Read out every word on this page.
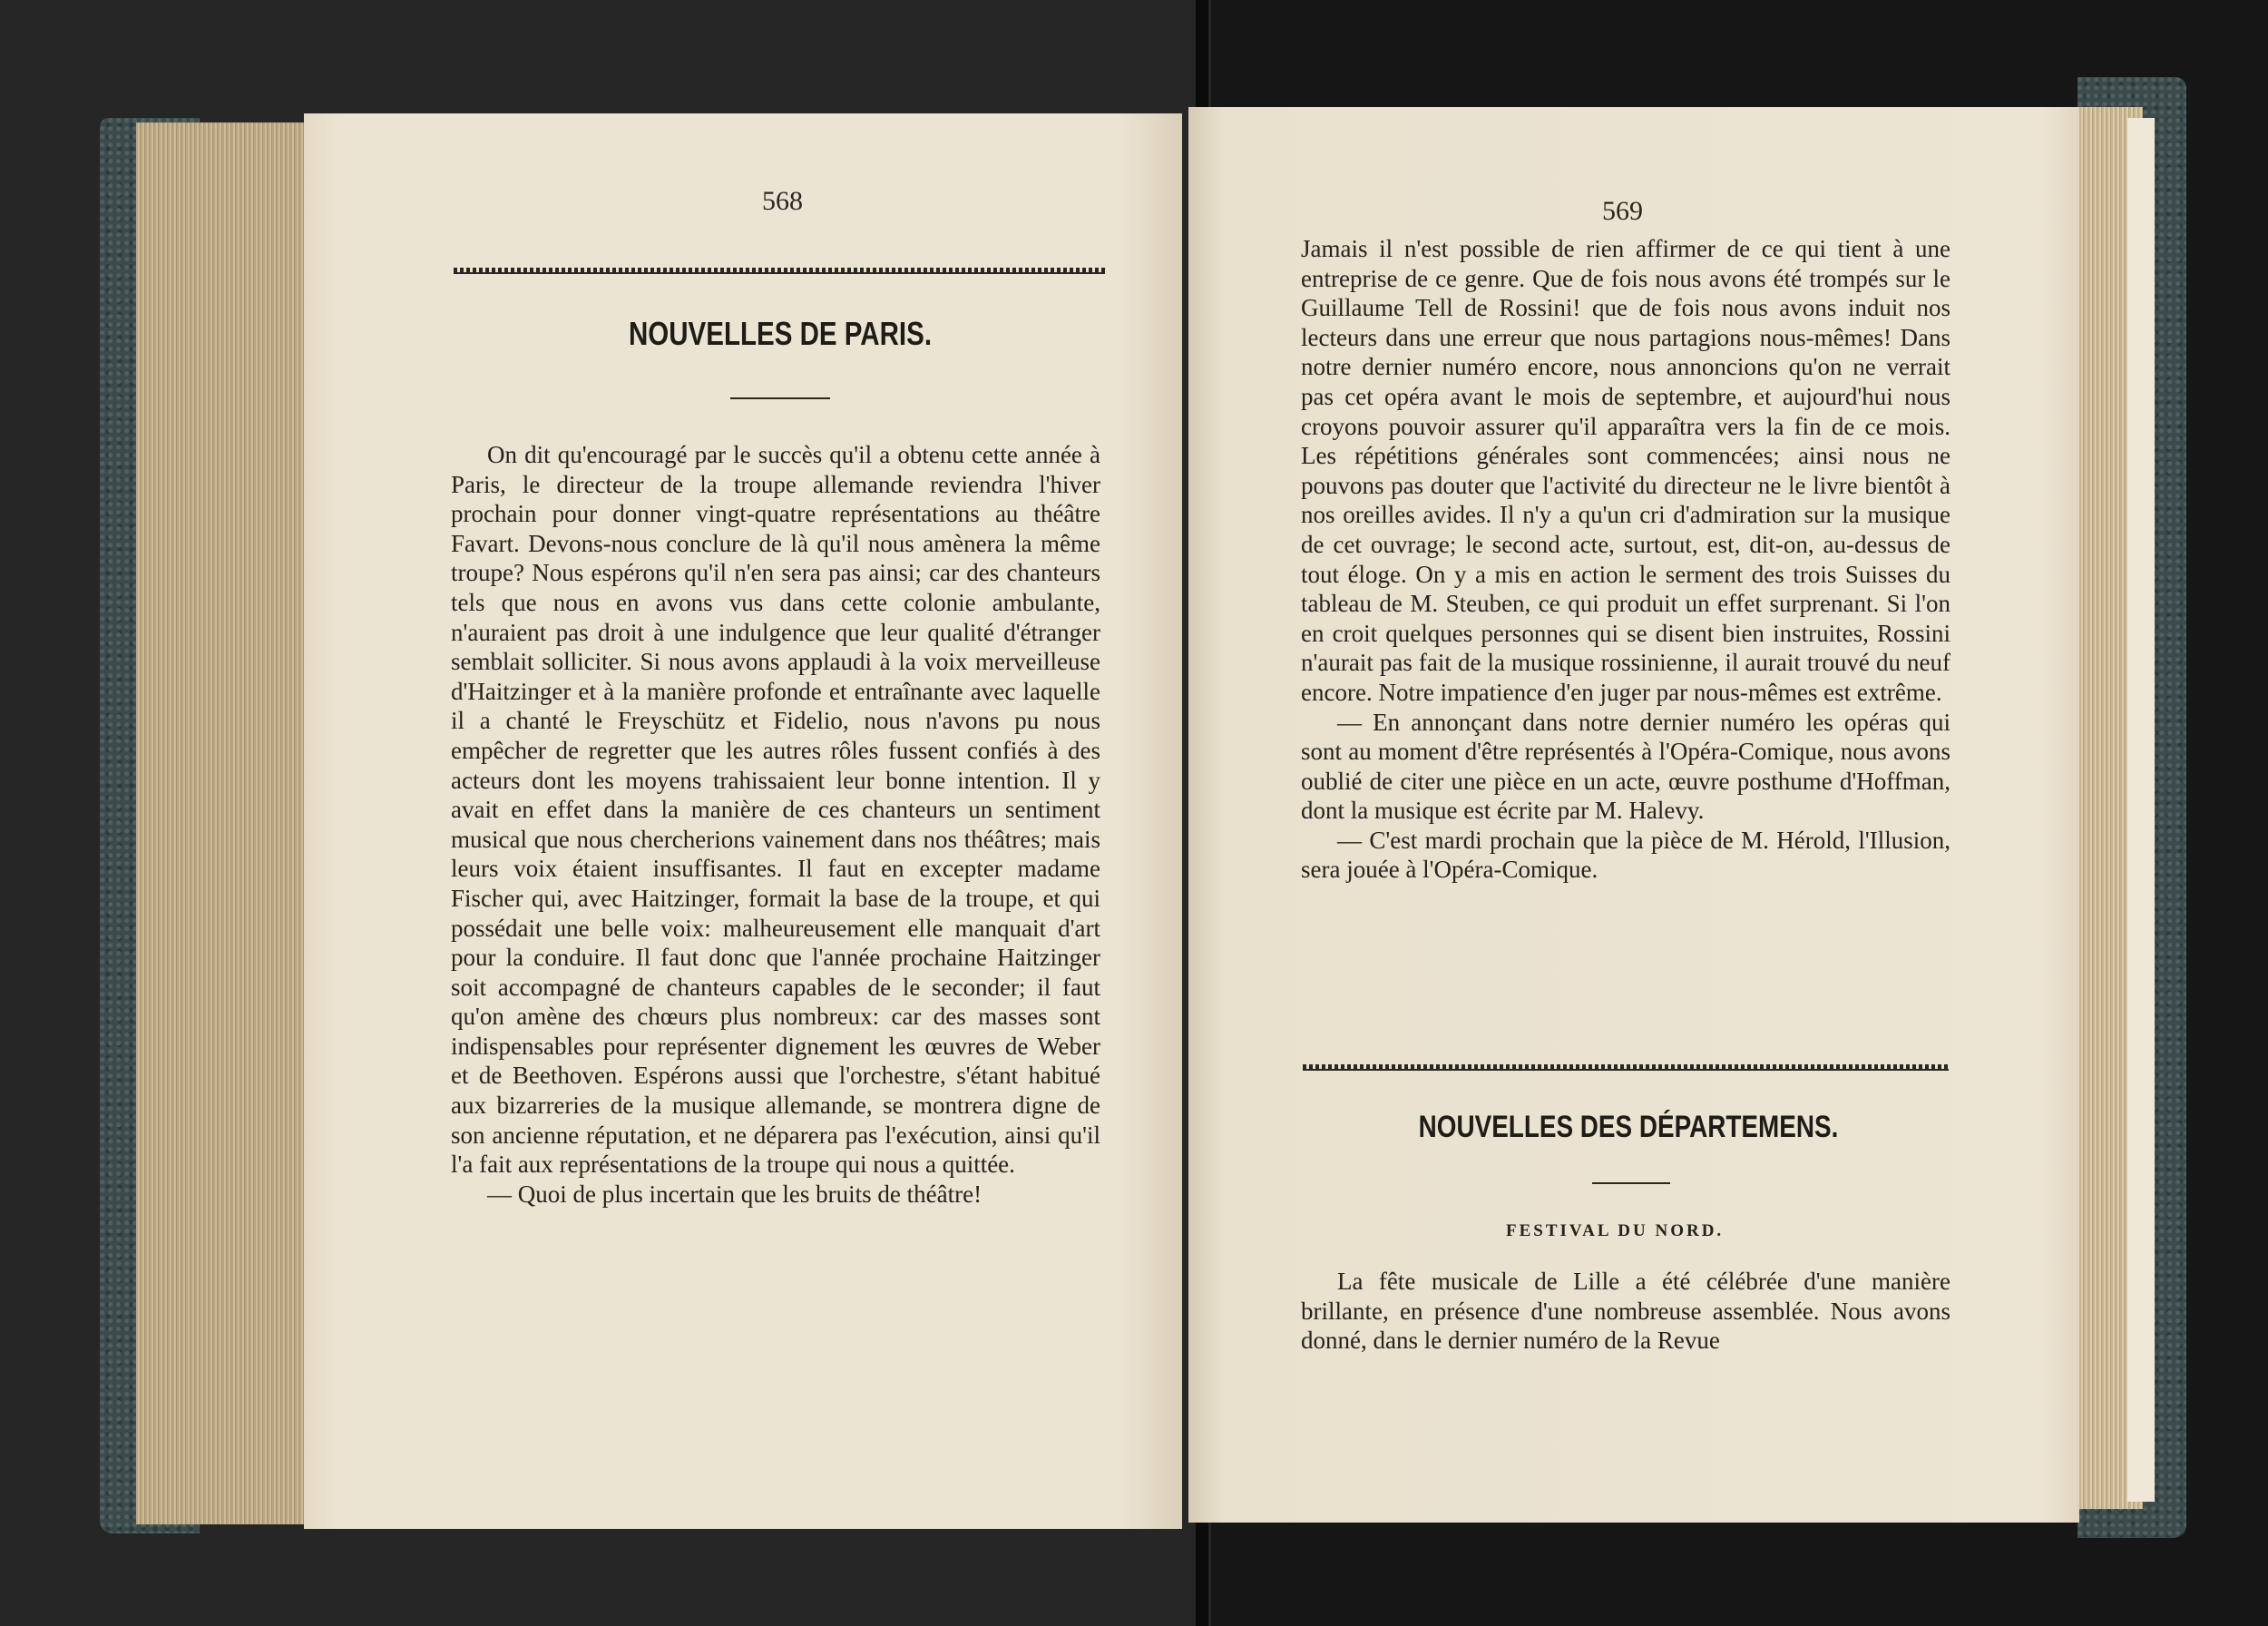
568
NOUVELLES DE PARIS.

On dit qu'encouragé par le succès qu'il a obtenu cette année à Paris, le directeur de la troupe allemande reviendra l'hiver prochain pour donner vingt-quatre représentations au théâtre Favart. Devons-nous conclure de là qu'il nous amènera la même troupe? Nous espérons qu'il n'en sera pas ainsi; car des chanteurs tels que nous en avons vus dans cette colonie ambulante, n'auraient pas droit à une indulgence que leur qualité d'étranger semblait solliciter. Si nous avons applaudi à la voix merveilleuse d'Haitzinger et à la manière profonde et entraînante avec laquelle il a chanté le Freyschütz et Fidelio, nous n'avons pu nous empêcher de regretter que les autres rôles fussent confiés à des acteurs dont les moyens trahissaient leur bonne intention. Il y avait en effet dans la manière de ces chanteurs un sentiment musical que nous chercherions vainement dans nos théâtres; mais leurs voix étaient insuffisantes. Il faut en excepter madame Fischer qui, avec Haitzinger, formait la base de la troupe, et qui possédait une belle voix: malheureusement elle manquait d'art pour la conduire. Il faut donc que l'année prochaine Haitzinger soit accompagné de chanteurs capables de le seconder; il faut qu'on amène des chœurs plus nombreux: car des masses sont indispensables pour représenter dignement les œuvres de Weber et de Beethoven. Espérons aussi que l'orchestre, s'étant habitué aux bizarreries de la musique allemande, se montrera digne de son ancienne réputation, et ne déparera pas l'exécution, ainsi qu'il l'a fait aux représentations de la troupe qui nous a quittée.

— Quoi de plus incertain que les bruits de théâtre!

569

Jamais il n'est possible de rien affirmer de ce qui tient à une entreprise de ce genre. Que de fois nous avons été trompés sur le Guillaume Tell de Rossini! que de fois nous avons induit nos lecteurs dans une erreur que nous partagions nous-mêmes! Dans notre dernier numéro encore, nous annoncions qu'on ne verrait pas cet opéra avant le mois de septembre, et aujourd'hui nous croyons pouvoir assurer qu'il apparaîtra vers la fin de ce mois. Les répétitions générales sont commencées; ainsi nous ne pouvons pas douter que l'activité du directeur ne le livre bientôt à nos oreilles avides. Il n'y a qu'un cri d'admiration sur la musique de cet ouvrage; le second acte, surtout, est, dit-on, au-dessus de tout éloge. On y a mis en action le serment des trois Suisses du tableau de M. Steuben, ce qui produit un effet surprenant. Si l'on en croit quelques personnes qui se disent bien instruites, Rossini n'aurait pas fait de la musique rossinienne, il aurait trouvé du neuf encore. Notre impatience d'en juger par nous-mêmes est extrême.

— En annonçant dans notre dernier numéro les opéras qui sont au moment d'être représentés à l'Opéra-Comique, nous avons oublié de citer une pièce en un acte, œuvre posthume d'Hoffman, dont la musique est écrite par M. Halevy.

— C'est mardi prochain que la pièce de M. Hérold, l'Illusion, sera jouée à l'Opéra-Comique.

NOUVELLES DES DÉPARTEMENS.
FESTIVAL DU NORD.

La fête musicale de Lille a été célébrée d'une manière brillante, en présence d'une nombreuse assemblée. Nous avons donné, dans le dernier numéro de la Revue
